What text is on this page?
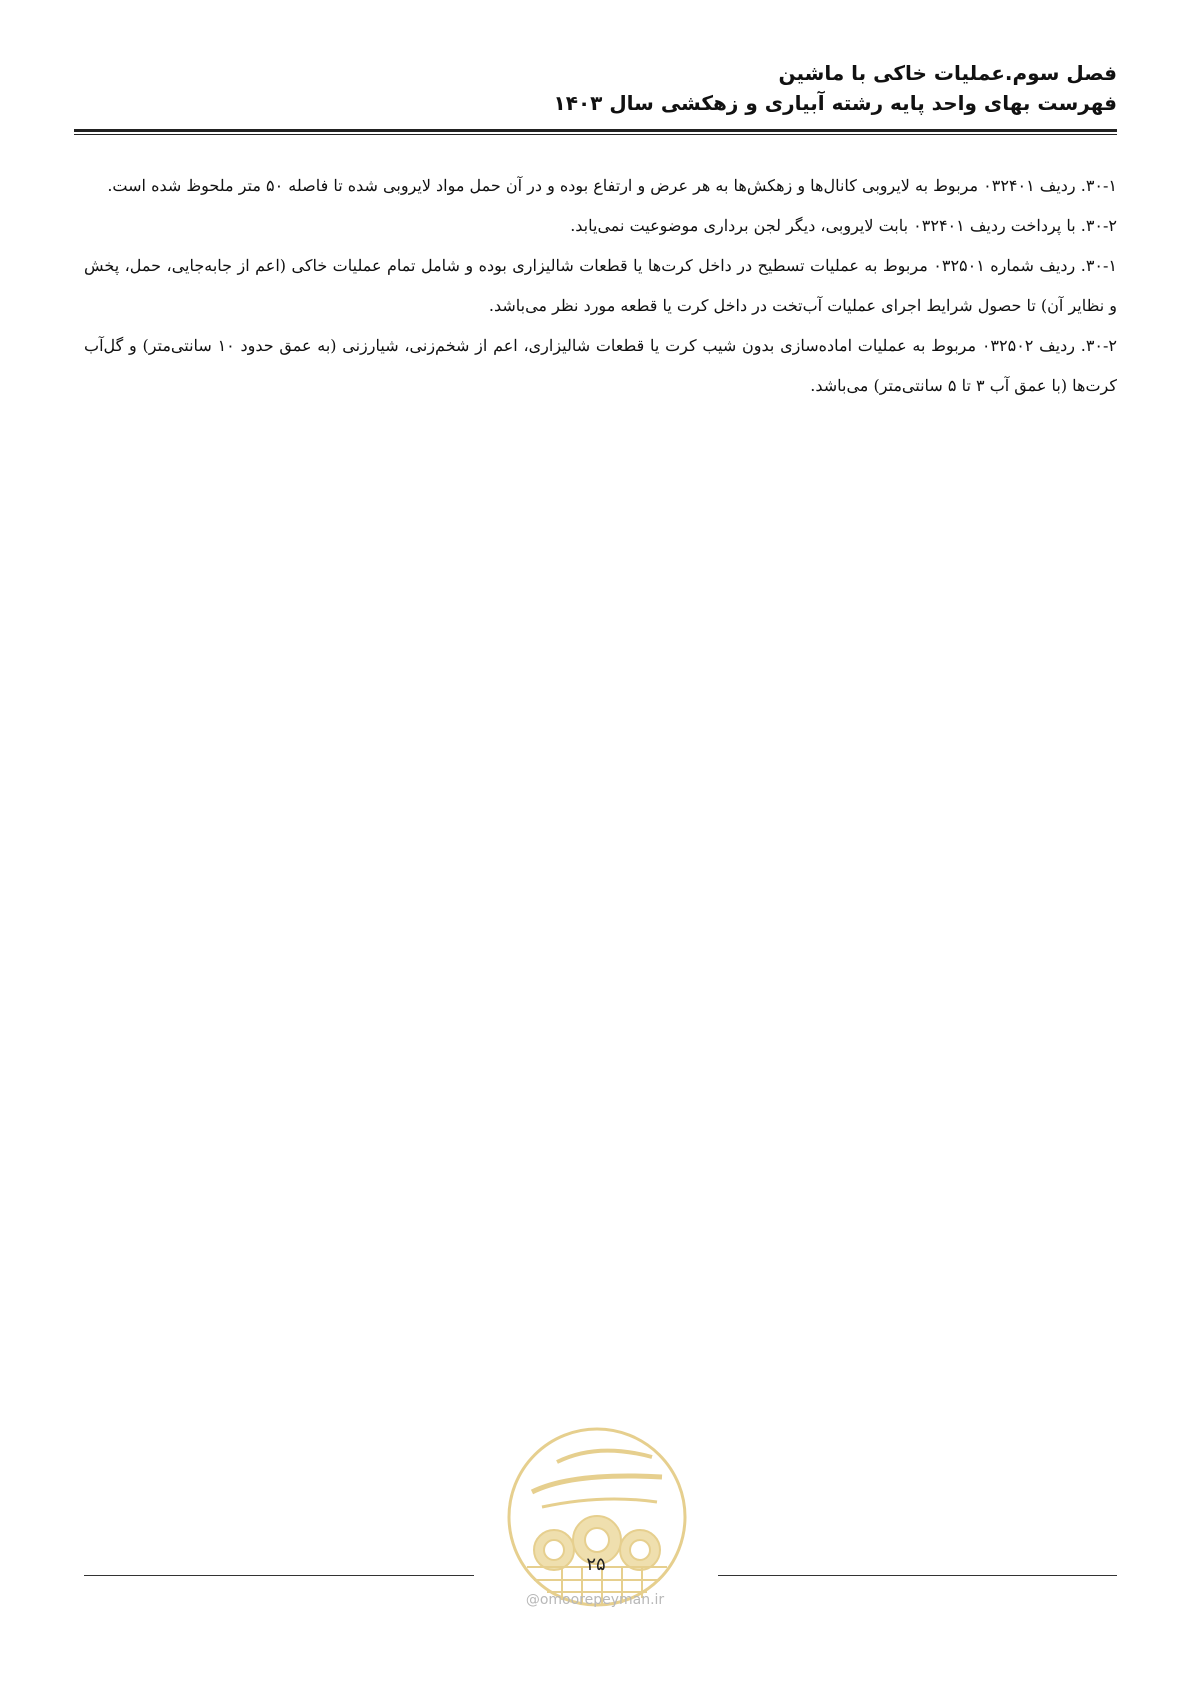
فصل سوم.عملیات خاکی با ماشین
فهرست بهای واحد پایه رشته آبیاری و زهکشی سال ۱۴۰۳

۳۰-۱. ردیف ۰۳۲۴۰۱ مربوط به لایروبی کانال‌ها و زهکش‌ها به هر عرض و ارتفاع بوده و در آن حمل مواد لایروبی شده تا فاصله ۵۰ متر ملحوظ شده است.

۳۰-۲. با پرداخت ردیف ۰۳۲۴۰۱ بابت لایروبی، دیگر لجن برداری موضوعیت نمی‌یابد.

۳۰-۱. ردیف شماره ۰۳۲۵۰۱ مربوط به عملیات تسطیح در داخل کرت‌ها یا قطعات شالیزاری بوده و شامل تمام عملیات خاکی (اعم از جابه‌جایی، حمل، پخش و نظایر آن) تا حصول شرایط اجرای عملیات آب‌تخت در داخل کرت یا قطعه مورد نظر می‌باشد.

۳۰-۲. ردیف ۰۳۲۵۰۲ مربوط به عملیات اماده‌سازی بدون شیب کرت یا قطعات شالیزاری، اعم از شخم‌زنی، شیارزنی (به عمق حدود ۱۰ سانتی‌متر) و گل‌آب کرت‌ها (با عمق آب ۳ تا ۵ سانتی‌متر) می‌باشد.

۲۵
@omoorepeyman.ir
